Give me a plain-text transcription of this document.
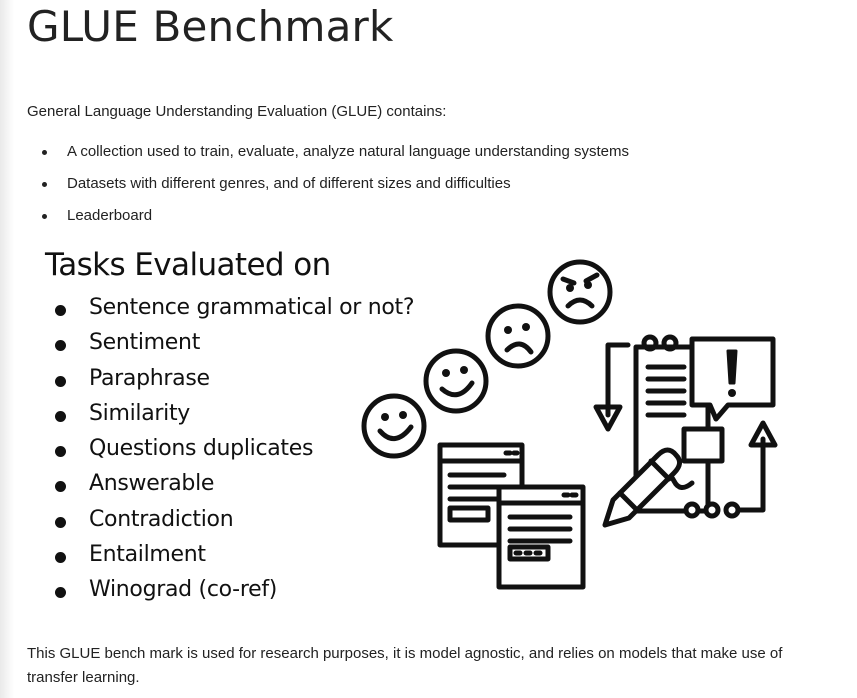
GLUE Benchmark

General Language Understanding Evaluation (GLUE) contains:

A collection used to train, evaluate, analyze natural language understanding systems
Datasets with different genres, and of different sizes and difficulties
Leaderboard
Tasks Evaluated on
Sentence grammatical or not?
Sentiment
Paraphrase
Similarity
Questions duplicates
Answerable
Contradiction
Entailment
Winograd (co-ref)

This GLUE bench mark is used for research purposes, it is model agnostic, and relies on models that make use of transfer learning.
